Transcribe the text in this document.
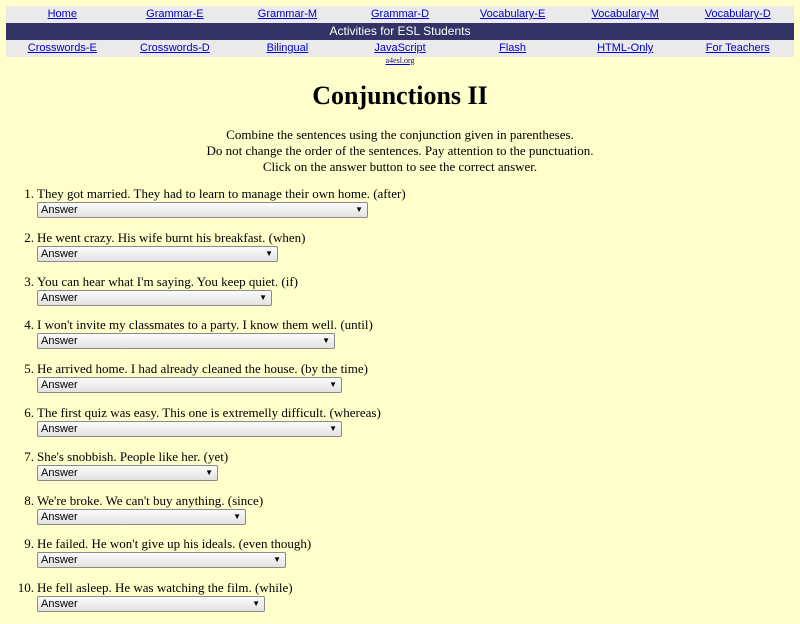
Home	Grammar-E	Grammar-M	Grammar-D	Vocabulary-E	Vocabulary-M	Vocabulary-D
Activities for ESL Students
Crosswords-E	Crosswords-D	Bilingual	JavaScript	Flash	HTML-Only	For Teachers
a4esl.org
Conjunctions II
Combine the sentences using the conjunction given in parentheses.
Do not change the order of the sentences. Pay attention to the punctuation.
Click on the answer button to see the correct answer.
1. They got married. They had to learn to manage their own home. (after)
Answer	▼
2. He went crazy. His wife burnt his breakfast. (when)
Answer	▼
3. You can hear what I'm saying. You keep quiet. (if)
Answer	▼
4. I won't invite my classmates to a party. I know them well. (until)
Answer	▼
5. He arrived home. I had already cleaned the house. (by the time)
Answer	▼
6. The first quiz was easy. This one is extremelly difficult. (whereas)
Answer	▼
7. She's snobbish. People like her. (yet)
Answer	▼
8. We're broke. We can't buy anything. (since)
Answer	▼
9. He failed. He won't give up his ideals. (even though)
Answer	▼
10. He fell asleep. He was watching the film. (while)
Answer	▼
